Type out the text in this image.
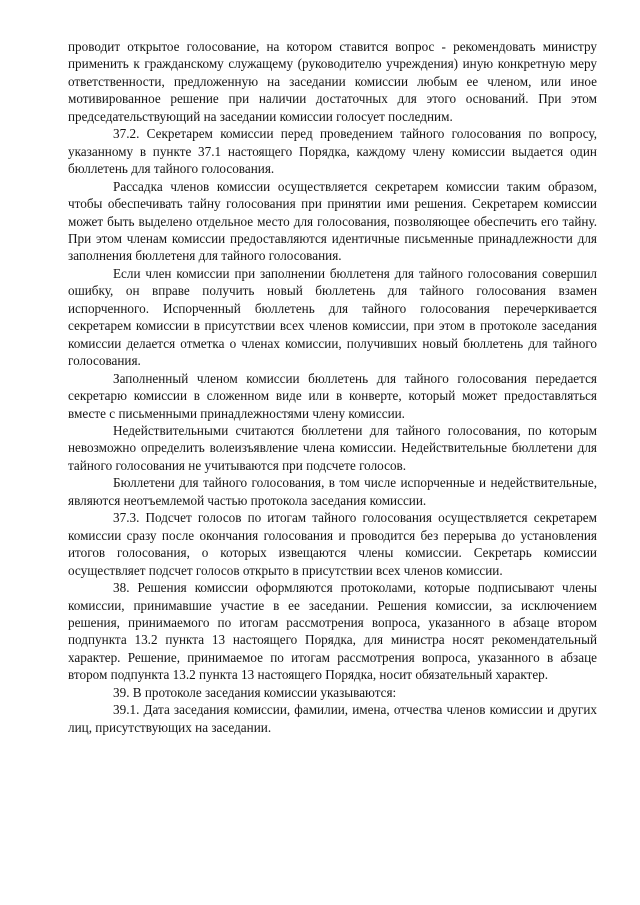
проводит открытое голосование, на котором ставится вопрос - рекомендовать министру применить к гражданскому служащему (руководителю учреждения) иную конкретную меру ответственности, предложенную на заседании комиссии любым ее членом, или иное мотивированное решение при наличии достаточных для этого оснований. При этом председательствующий на заседании комиссии голосует последним.

37.2. Секретарем комиссии перед проведением тайного голосования по вопросу, указанному в пункте 37.1 настоящего Порядка, каждому члену комиссии выдается один бюллетень для тайного голосования.

Рассадка членов комиссии осуществляется секретарем комиссии таким образом, чтобы обеспечивать тайну голосования при принятии ими решения. Секретарем комиссии может быть выделено отдельное место для голосования, позволяющее обеспечить его тайну. При этом членам комиссии предоставляются идентичные письменные принадлежности для заполнения бюллетеня для тайного голосования.

Если член комиссии при заполнении бюллетеня для тайного голосования совершил ошибку, он вправе получить новый бюллетень для тайного голосования взамен испорченного. Испорченный бюллетень для тайного голосования перечеркивается секретарем комиссии в присутствии всех членов комиссии, при этом в протоколе заседания комиссии делается отметка о членах комиссии, получивших новый бюллетень для тайного голосования.

Заполненный членом комиссии бюллетень для тайного голосования передается секретарю комиссии в сложенном виде или в конверте, который может предоставляться вместе с письменными принадлежностями члену комиссии.

Недействительными считаются бюллетени для тайного голосования, по которым невозможно определить волеизъявление члена комиссии. Недействительные бюллетени для тайного голосования не учитываются при подсчете голосов.

Бюллетени для тайного голосования, в том числе испорченные и недействительные, являются неотъемлемой частью протокола заседания комиссии.

37.3. Подсчет голосов по итогам тайного голосования осуществляется секретарем комиссии сразу после окончания голосования и проводится без перерыва до установления итогов голосования, о которых извещаются члены комиссии. Секретарь комиссии осуществляет подсчет голосов открыто в присутствии всех членов комиссии.

38. Решения комиссии оформляются протоколами, которые подписывают члены комиссии, принимавшие участие в ее заседании. Решения комиссии, за исключением решения, принимаемого по итогам рассмотрения вопроса, указанного в абзаце втором подпункта 13.2 пункта 13 настоящего Порядка, для министра носят рекомендательный характер. Решение, принимаемое по итогам рассмотрения вопроса, указанного в абзаце втором подпункта 13.2 пункта 13 настоящего Порядка, носит обязательный характер.

39. В протоколе заседания комиссии указываются:

39.1. Дата заседания комиссии, фамилии, имена, отчества членов комиссии и других лиц, присутствующих на заседании.
